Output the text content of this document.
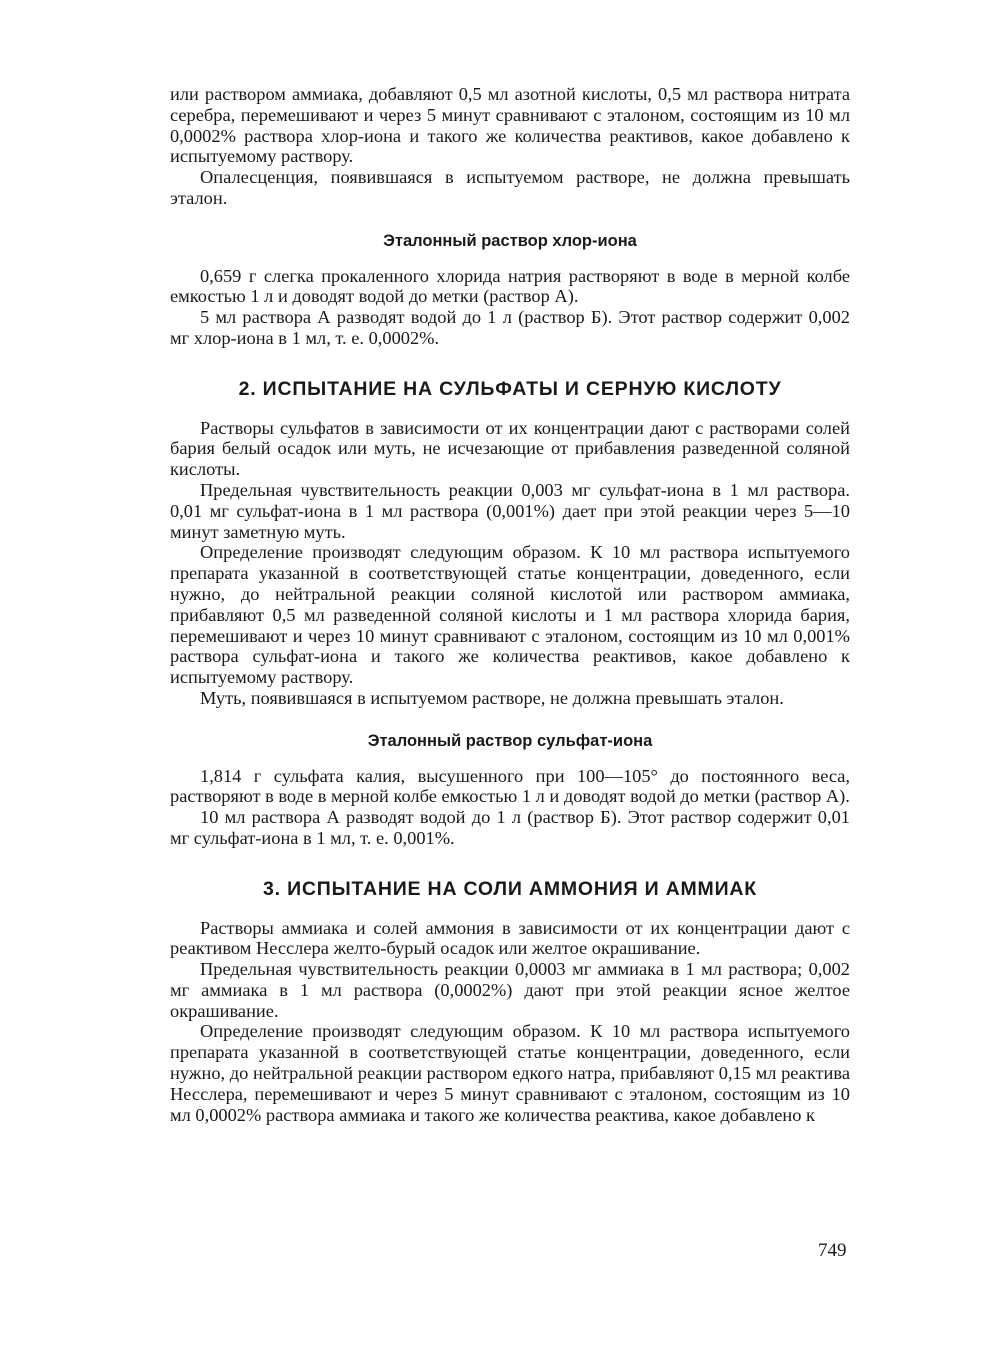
или раствором аммиака, добавляют 0,5 мл азотной кислоты, 0,5 мл раствора нитрата серебра, перемешивают и через 5 минут сравнивают с эталоном, состоящим из 10 мл 0,0002% раствора хлор-иона и такого же количества реактивов, какое добавлено к испытуемому раствору.

Опалесценция, появившаяся в испытуемом растворе, не должна превышать эталон.

Эталонный раствор хлор-иона

0,659 г слегка прокаленного хлорида натрия растворяют в воде в мерной колбе емкостью 1 л и доводят водой до метки (раствор А).

5 мл раствора А разводят водой до 1 л (раствор Б). Этот раствор содержит 0,002 мг хлор-иона в 1 мл, т. е. 0,0002%.

2. ИСПЫТАНИЕ НА СУЛЬФАТЫ И СЕРНУЮ КИСЛОТУ

Растворы сульфатов в зависимости от их концентрации дают с растворами солей бария белый осадок или муть, не исчезающие от прибавления разведенной соляной кислоты.

Предельная чувствительность реакции 0,003 мг сульфат-иона в 1 мл раствора. 0,01 мг сульфат-иона в 1 мл раствора (0,001%) дает при этой реакции через 5—10 минут заметную муть.

Определение производят следующим образом. К 10 мл раствора испытуемого препарата указанной в соответствующей статье концентрации, доведенного, если нужно, до нейтральной реакции соляной кислотой или раствором аммиака, прибавляют 0,5 мл разведенной соляной кислоты и 1 мл раствора хлорида бария, перемешивают и через 10 минут сравнивают с эталоном, состоящим из 10 мл 0,001% раствора сульфат-иона и такого же количества реактивов, какое добавлено к испытуемому раствору.

Муть, появившаяся в испытуемом растворе, не должна превышать эталон.

Эталонный раствор сульфат-иона

1,814 г сульфата калия, высушенного при 100—105° до постоянного веса, растворяют в воде в мерной колбе емкостью 1 л и доводят водой до метки (раствор А).

10 мл раствора А разводят водой до 1 л (раствор Б). Этот раствор содержит 0,01 мг сульфат-иона в 1 мл, т. е. 0,001%.

3. ИСПЫТАНИЕ НА СОЛИ АММОНИЯ И АММИАК

Растворы аммиака и солей аммония в зависимости от их концентрации дают с реактивом Несслера желто-бурый осадок или желтое окрашивание.

Предельная чувствительность реакции 0,0003 мг аммиака в 1 мл раствора; 0,002 мг аммиака в 1 мл раствора (0,0002%) дают при этой реакции ясное желтое окрашивание.

Определение производят следующим образом. К 10 мл раствора испытуемого препарата указанной в соответствующей статье концентрации, доведенного, если нужно, до нейтральной реакции раствором едкого натра, прибавляют 0,15 мл реактива Несслера, перемешивают и через 5 минут сравнивают с эталоном, состоящим из 10 мл 0,0002% раствора аммиака и такого же количества реактива, какое добавлено к

749
